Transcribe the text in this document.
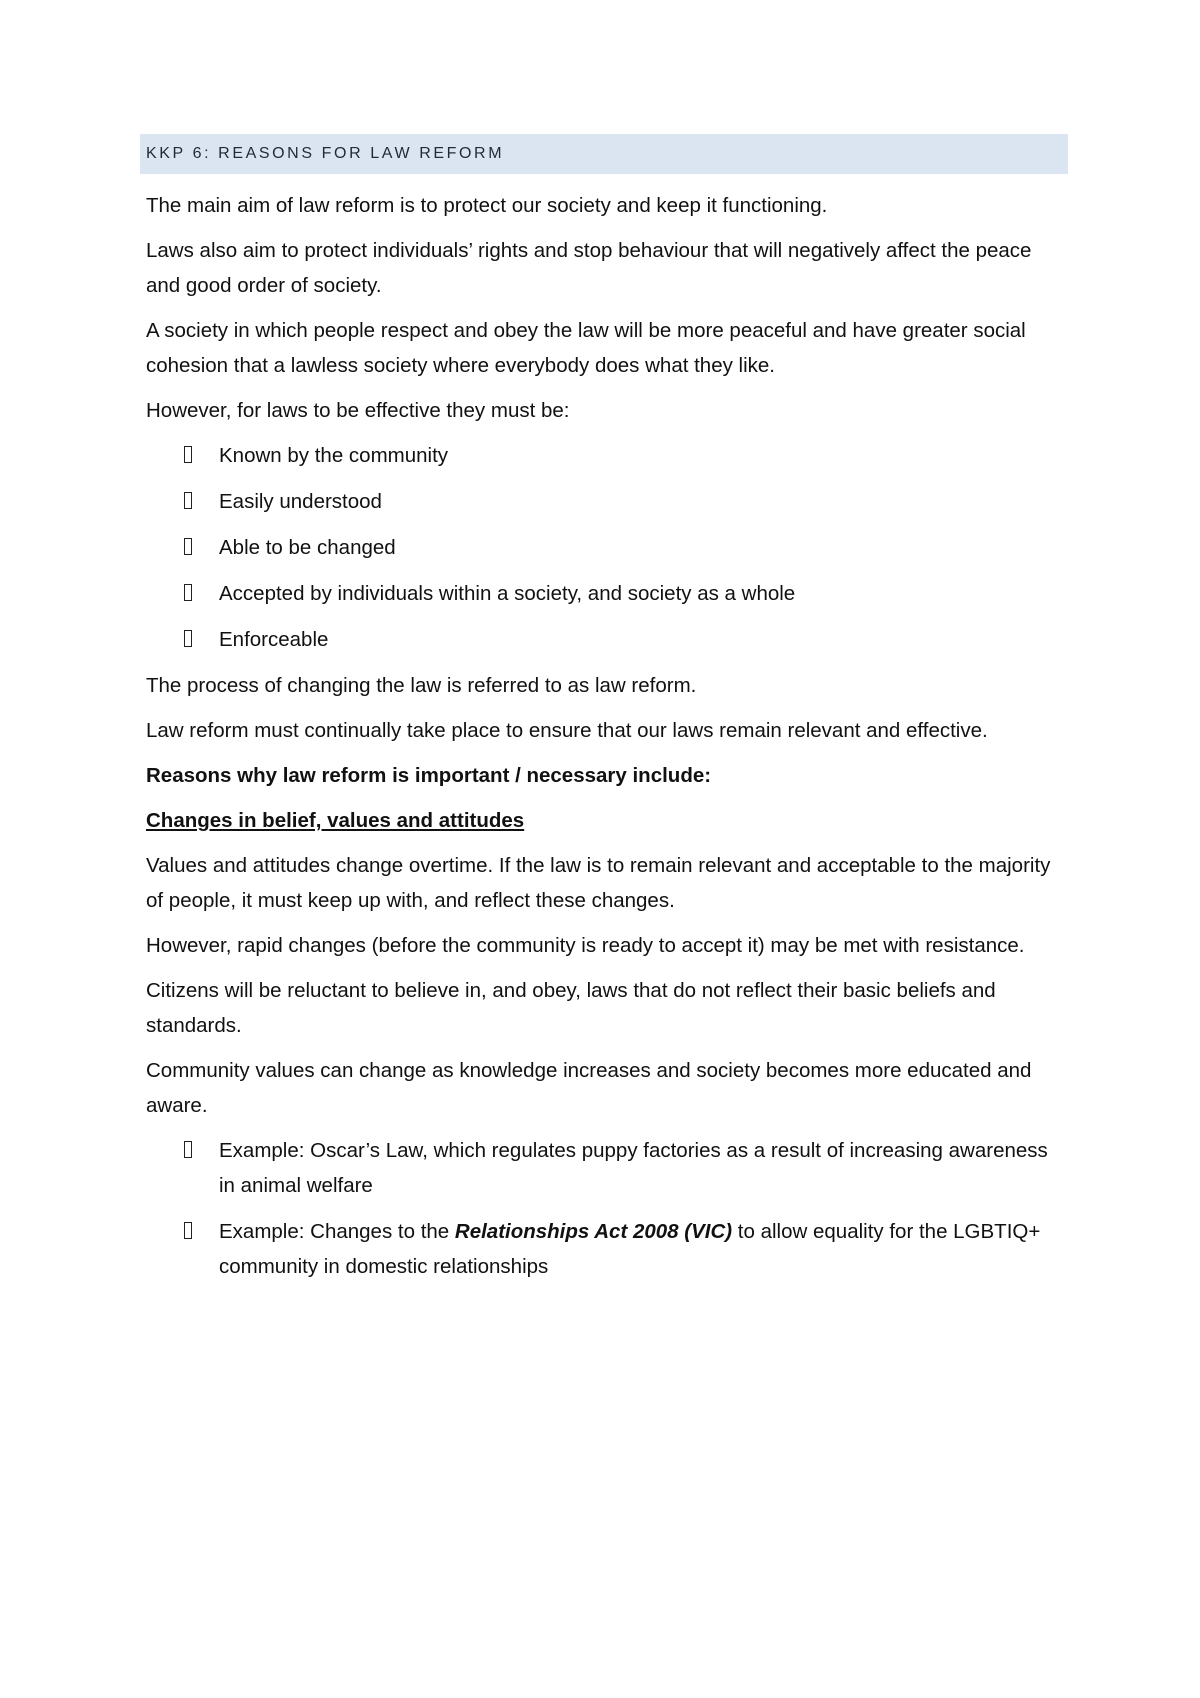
KKP 6: REASONS FOR LAW REFORM

The main aim of law reform is to protect our society and keep it functioning.

Laws also aim to protect individuals’ rights and stop behaviour that will negatively affect the peace and good order of society.

A society in which people respect and obey the law will be more peaceful and have greater social cohesion that a lawless society where everybody does what they like.

However, for laws to be effective they must be:

Known by the community
Easily understood
Able to be changed
Accepted by individuals within a society, and society as a whole
Enforceable

The process of changing the law is referred to as law reform.

Law reform must continually take place to ensure that our laws remain relevant and effective.

Reasons why law reform is important / necessary include:

Changes in belief, values and attitudes

Values and attitudes change overtime. If the law is to remain relevant and acceptable to the majority of people, it must keep up with, and reflect these changes.

However, rapid changes (before the community is ready to accept it) may be met with resistance.

Citizens will be reluctant to believe in, and obey, laws that do not reflect their basic beliefs and standards.

Community values can change as knowledge increases and society becomes more educated and aware.

Example: Oscar’s Law, which regulates puppy factories as a result of increasing awareness in animal welfare
Example: Changes to the Relationships Act 2008 (VIC) to allow equality for the LGBTIQ+ community in domestic relationships
